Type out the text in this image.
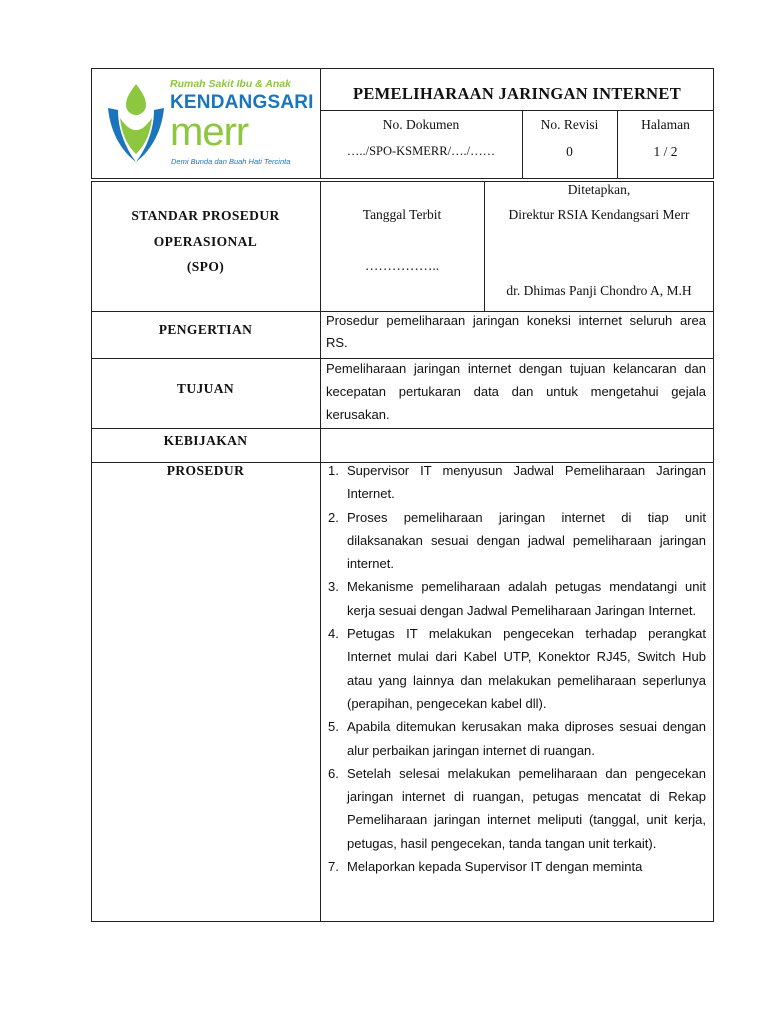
Rumah Sakit Ibu & Anak
KENDANGSARI
merr
Demi Bunda dan Buah Hati Tercinta
PEMELIHARAAN JARINGAN INTERNET
No. Dokumen
…../SPO-KSMERR/…./……
No. Revisi
0
Halaman
1 / 2
STANDAR PROSEDUR
OPERASIONAL
(SPO)
Tanggal Terbit
……………..
Ditetapkan,
Direktur RSIA Kendangsari Merr
dr. Dhimas Panji Chondro A, M.H
PENGERTIAN
Prosedur pemeliharaan jaringan koneksi internet seluruh area RS.
TUJUAN
Pemeliharaan jaringan internet dengan tujuan kelancaran dan kecepatan pertukaran data dan untuk mengetahui gejala kerusakan.
KEBIJAKAN
PROSEDUR	1. Supervisor IT menyusun Jadwal Pemeliharaan Jaringan Internet.
2. Proses pemeliharaan jaringan internet di tiap unit dilaksanakan sesuai dengan jadwal pemeliharaan jaringan internet.
3. Mekanisme pemeliharaan adalah petugas mendatangi unit kerja sesuai dengan Jadwal Pemeliharaan Jaringan Internet.
4. Petugas IT melakukan pengecekan terhadap perangkat Internet mulai dari Kabel UTP, Konektor RJ45, Switch Hub atau yang lainnya dan melakukan pemeliharaan seperlunya (perapihan, pengecekan kabel dll).
5. Apabila ditemukan kerusakan maka diproses sesuai dengan alur perbaikan jaringan internet di ruangan.
6. Setelah selesai melakukan pemeliharaan dan pengecekan jaringan internet di ruangan, petugas mencatat di Rekap Pemeliharaan jaringan internet meliputi (tanggal, unit kerja, petugas, hasil pengecekan, tanda tangan unit terkait).
7. Melaporkan kepada Supervisor IT dengan meminta
